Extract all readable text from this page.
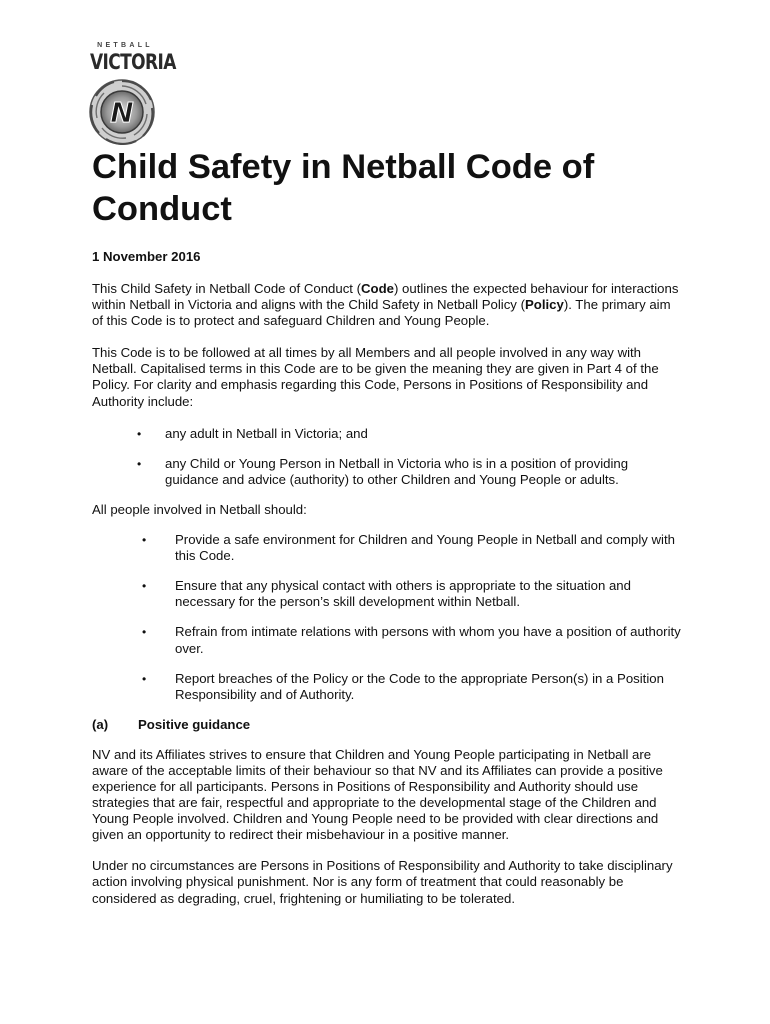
NETBALL
VICTORIA
N
Child Safety in Netball Code of Conduct
1 November 2016

This Child Safety in Netball Code of Conduct (Code) outlines the expected behaviour for interactions within Netball in Victoria and aligns with the Child Safety in Netball Policy (Policy). The primary aim of this Code is to protect and safeguard Children and Young People.

This Code is to be followed at all times by all Members and all people involved in any way with Netball. Capitalised terms in this Code are to be given the meaning they are given in Part 4 of the Policy. For clarity and emphasis regarding this Code, Persons in Positions of Responsibility and Authority include:

• any adult in Netball in Victoria; and
• any Child or Young Person in Netball in Victoria who is in a position of providing guidance and advice (authority) to other Children and Young People or adults.

All people involved in Netball should:

• Provide a safe environment for Children and Young People in Netball and comply with this Code.
• Ensure that any physical contact with others is appropriate to the situation and necessary for the person’s skill development within Netball.
• Refrain from intimate relations with persons with whom you have a position of authority over.
• Report breaches of the Policy or the Code to the appropriate Person(s) in a Position Responsibility and of Authority.
(a)	Positive guidance

NV and its Affiliates strives to ensure that Children and Young People participating in Netball are aware of the acceptable limits of their behaviour so that NV and its Affiliates can provide a positive experience for all participants. Persons in Positions of Responsibility and Authority should use strategies that are fair, respectful and appropriate to the developmental stage of the Children and Young People involved. Children and Young People need to be provided with clear directions and given an opportunity to redirect their misbehaviour in a positive manner.

Under no circumstances are Persons in Positions of Responsibility and Authority to take disciplinary action involving physical punishment. Nor is any form of treatment that could reasonably be considered as degrading, cruel, frightening or humiliating to be tolerated.
